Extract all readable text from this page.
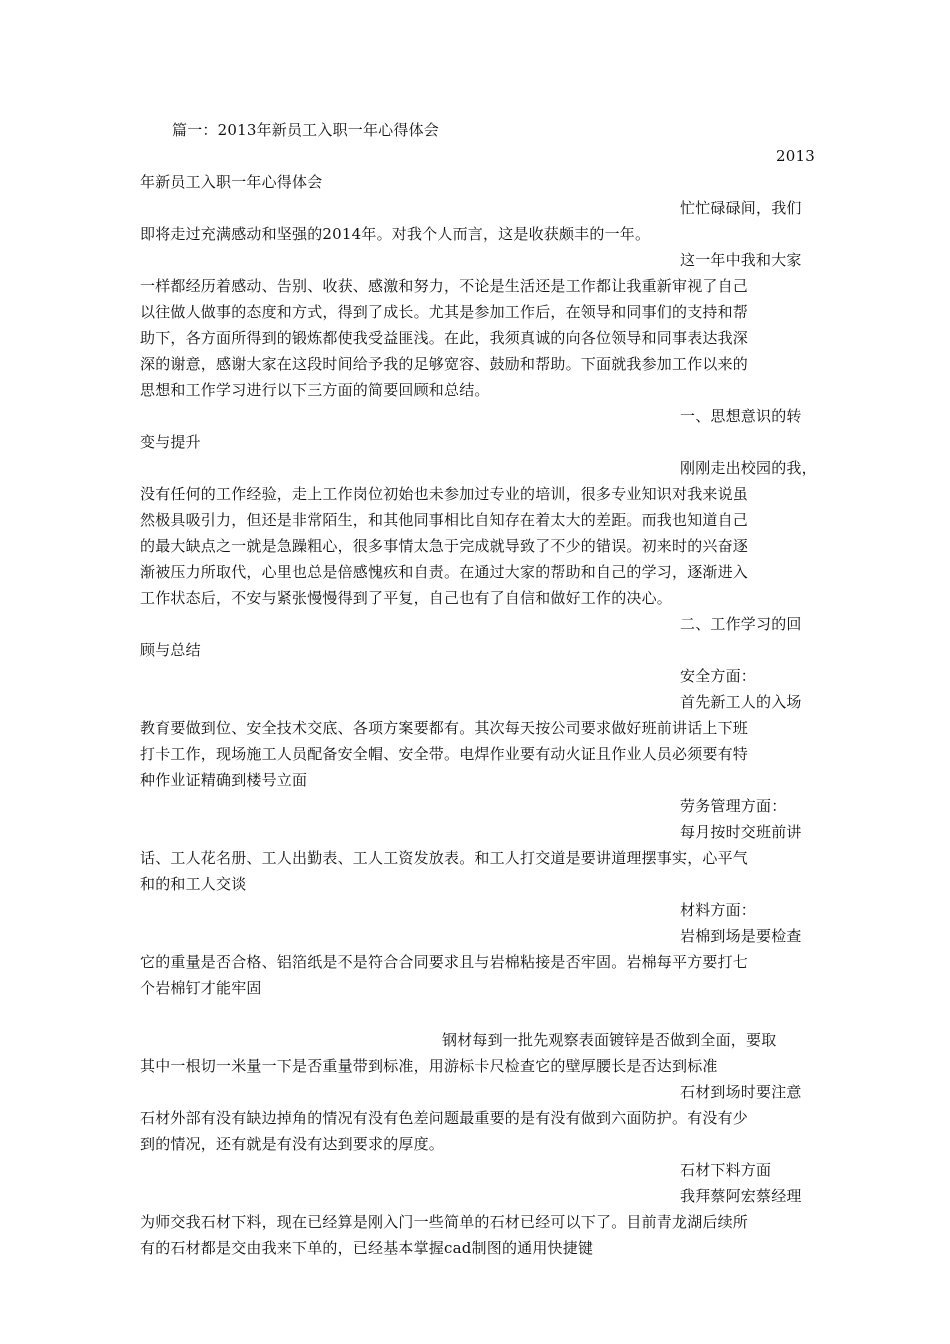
篇一：2013年新员工入职一年心得体会
2013
年新员工入职一年心得体会
忙忙碌碌间，我们
即将走过充满感动和坚强的2014年。对我个人而言，这是收获颇丰的一年。
这一年中我和大家
一样都经历着感动、告别、收获、感激和努力，不论是生活还是工作都让我重新审视了自己
以往做人做事的态度和方式，得到了成长。尤其是参加工作后，在领导和同事们的支持和帮
助下，各方面所得到的锻炼都使我受益匪浅。在此，我须真诚的向各位领导和同事表达我深
深的谢意，感谢大家在这段时间给予我的足够宽容、鼓励和帮助。下面就我参加工作以来的
思想和工作学习进行以下三方面的简要回顾和总结。
一、思想意识的转
变与提升
刚刚走出校园的我，
没有任何的工作经验，走上工作岗位初始也未参加过专业的培训，很多专业知识对我来说虽
然极具吸引力，但还是非常陌生，和其他同事相比自知存在着太大的差距。而我也知道自己
的最大缺点之一就是急躁粗心，很多事情太急于完成就导致了不少的错误。初来时的兴奋逐
渐被压力所取代，心里也总是倍感愧疚和自责。在通过大家的帮助和自己的学习，逐渐进入
工作状态后，不安与紧张慢慢得到了平复，自己也有了自信和做好工作的决心。
二、工作学习的回
顾与总结
安全方面：
首先新工人的入场
教育要做到位、安全技术交底、各项方案要都有。其次每天按公司要求做好班前讲话上下班
打卡工作，现场施工人员配备安全帽、安全带。电焊作业要有动火证且作业人员必须要有特
种作业证精确到楼号立面
劳务管理方面：
每月按时交班前讲
话、工人花名册、工人出勤表、工人工资发放表。和工人打交道是要讲道理摆事实，心平气
和的和工人交谈
材料方面：
岩棉到场是要检查
它的重量是否合格、铝箔纸是不是符合合同要求且与岩棉粘接是否牢固。岩棉每平方要打七
个岩棉钉才能牢固
钢材每到一批先观察表面镀锌是否做到全面，要取
其中一根切一米量一下是否重量带到标准，用游标卡尺检查它的壁厚腰长是否达到标准
石材到场时要注意
石材外部有没有缺边掉角的情况有没有色差问题最重要的是有没有做到六面防护。有没有少
到的情况，还有就是有没有达到要求的厚度。
石材下料方面
我拜蔡阿宏蔡经理
为师交我石材下料，现在已经算是刚入门一些简单的石材已经可以下了。目前青龙湖后续所
有的石材都是交由我来下单的，已经基本掌握cad制图的通用快捷键
